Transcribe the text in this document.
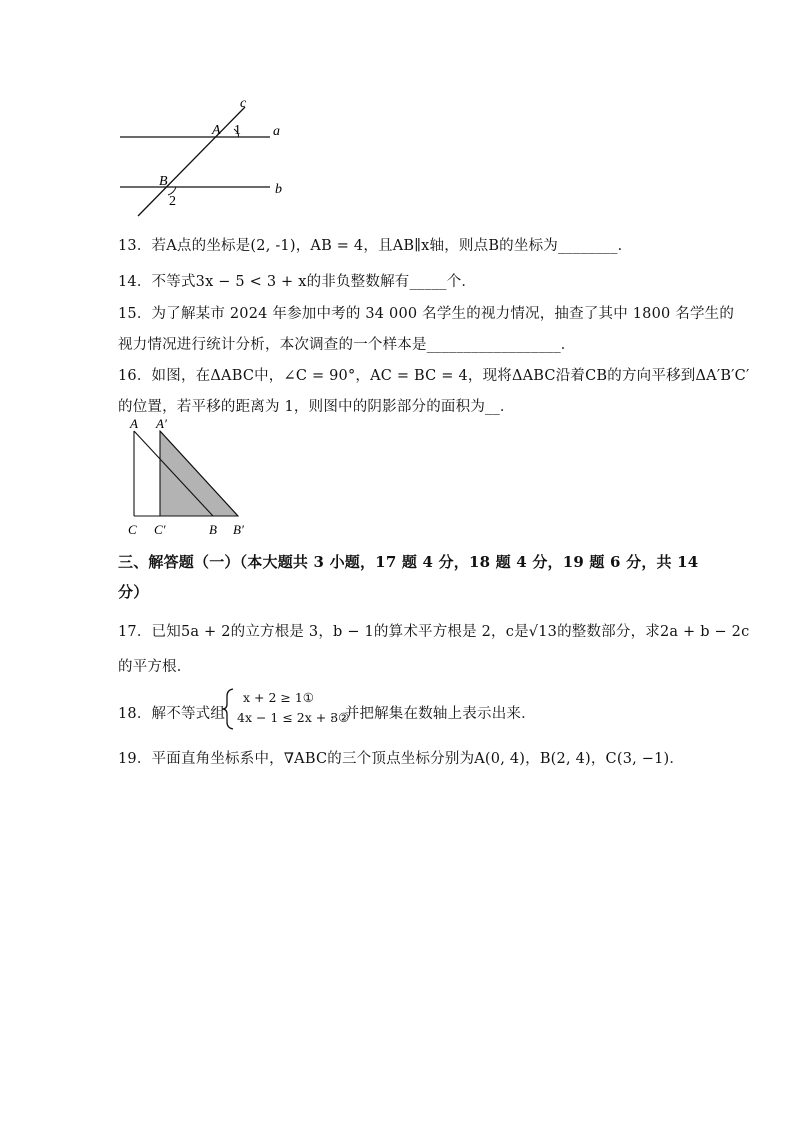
c
a
b
A
B
1
2
13．若A点的坐标是(2, -1)，AB = 4，且AB∥x轴，则点B的坐标为________．
14．不等式3x − 5 < 3 + x的非负整数解有_____个．
15．为了解某市 2024 年参加中考的 34 000 名学生的视力情况，抽查了其中 1800 名学生的
视力情况进行统计分析，本次调查的一个样本是__________________．
16．如图，在ΔABC中，∠C = 90°，AC = BC = 4，现将ΔABC沿着CB的方向平移到ΔA′B′C′
的位置，若平移的距离为 1，则图中的阴影部分的面积为__．
A A′
C C′	B B′
三、解答题（一）（本大题共 3 小题，17 题 4 分，18 题 4 分，19 题 6 分，共 14
分）
17．已知5a + 2的立方根是 3，b − 1的算术平方根是 2，c是√13的整数部分，求2a + b − 2c
的平方根．
18．解不等式组
x + 2 ≥ 1①
4x − 1 ≤ 2x + 3②
，并把解集在数轴上表示出来．
19．平面直角坐标系中，∇ABC的三个顶点坐标分别为A(0, 4)，B(2, 4)，C(3, −1)．
